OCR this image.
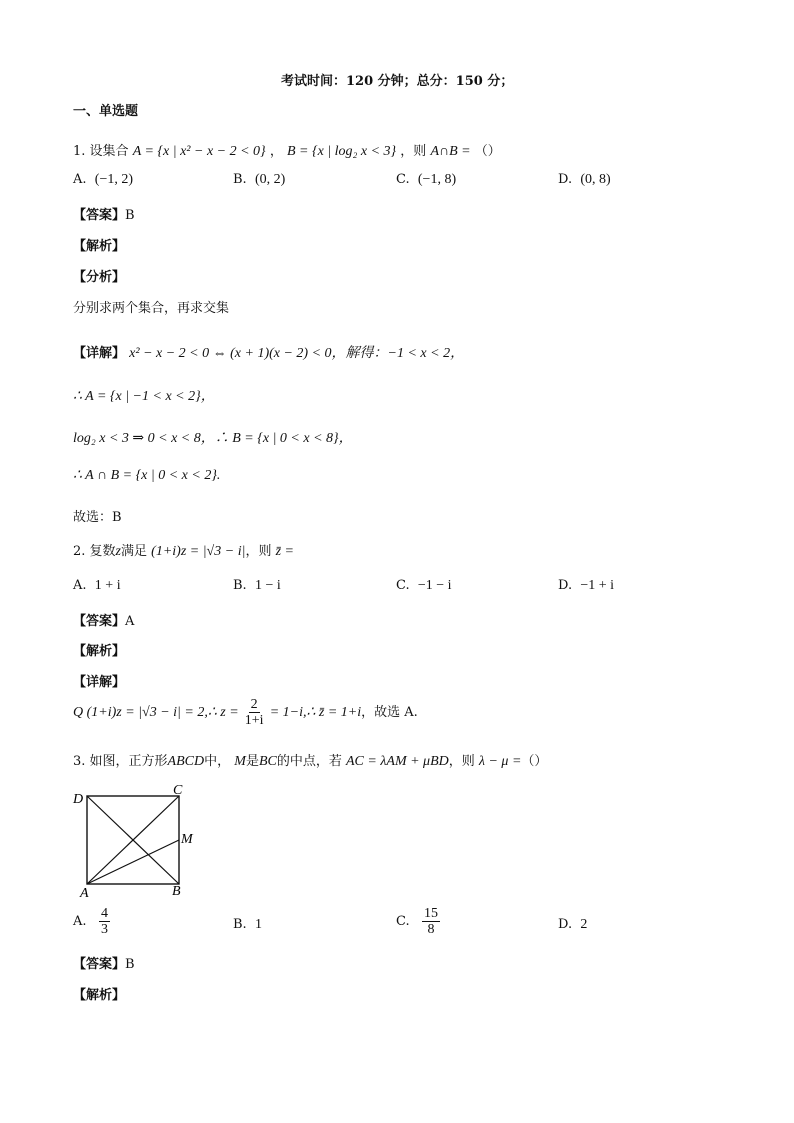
考试时间：120 分钟；总分：150 分；
一、单选题
1. 设集合 A = {x | x² − x − 2 < 0} ， B = {x | log₂ x < 3} ，则 A∩B = （）
A. (−1, 2)	B. (0, 2)	C. (−1, 8)	D. (0, 8)
【答案】B
【解析】
【分析】
分别求两个集合，再求交集
【详解】 x² − x − 2 < 0 ⇔ (x + 1)(x − 2) < 0，解得：−1 < x < 2，
∴ A = {x | −1 < x < 2}，
log₂ x < 3 ⇒ 0 < x < 8，∴ B = {x | 0 < x < 8}，
∴ A ∩ B = {x | 0 < x < 2}.
故选：B
2. 复数z满足 (1+i)z = |√3 − i|，则 z̄ =
A. 1 + i	B. 1 − i	C. −1 − i	D. −1 + i
【答案】A
【解析】
【详解】
Q (1+i)z = |√3 − i| = 2,∴ $z = \frac{2}{1+i}$ = 1−i,∴ z̄ = 1+i，故选 A.
3. 如图，正方形ABCD中， M是BC的中点，若 AC = λAM + μBD，则 λ − μ =（）
D
C
M
A	B
A. $\frac{4}{3}$	B. 1	C. $\frac{15}{8}$	D. 2
【答案】B
【解析】
